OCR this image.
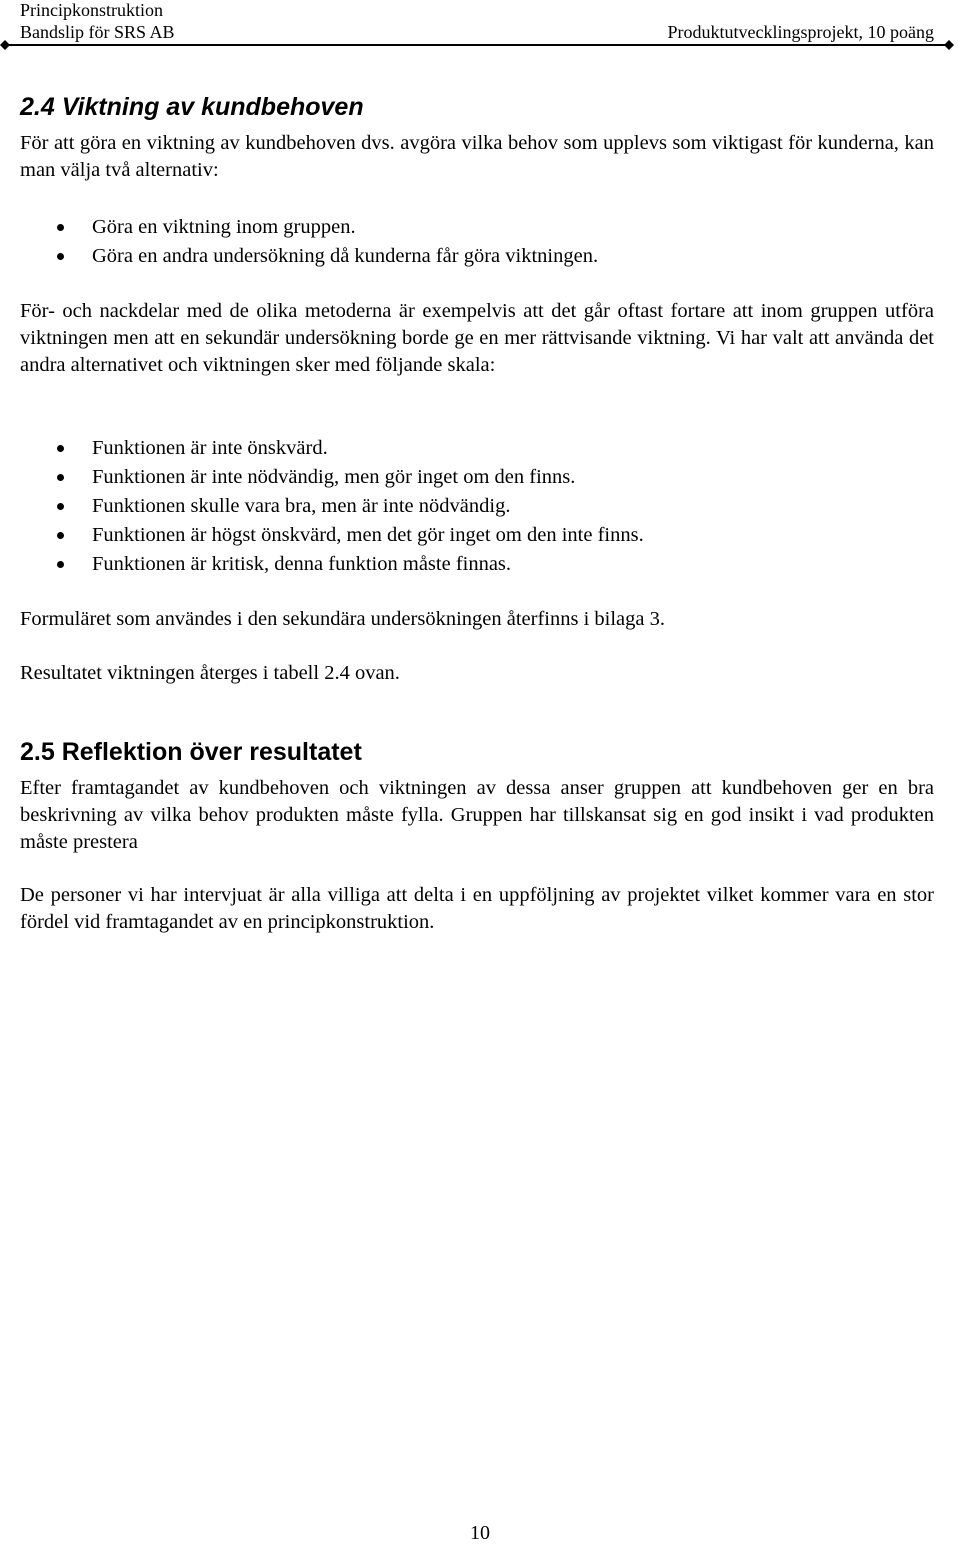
Principkonstruktion
Bandslip för SRS AB	Produktutvecklingsprojekt, 10 poäng
2.4 Viktning av kundbehoven

För att göra en viktning av kundbehoven dvs. avgöra vilka behov som upplevs som viktigast för kunderna, kan man välja två alternativ:

Göra en viktning inom gruppen.
Göra en andra undersökning då kunderna får göra viktningen.

För- och nackdelar med de olika metoderna är exempelvis att det går oftast fortare att inom gruppen utföra viktningen men att en sekundär undersökning borde ge en mer rättvisande viktning. Vi har valt att använda det andra alternativet och viktningen sker med följande skala:

Funktionen är inte önskvärd.
Funktionen är inte nödvändig, men gör inget om den finns.
Funktionen skulle vara bra, men är inte nödvändig.
Funktionen är högst önskvärd, men det gör inget om den inte finns.
Funktionen är kritisk, denna funktion måste finnas.

Formuläret som användes i den sekundära undersökningen återfinns i bilaga 3.

Resultatet viktningen återges i tabell 2.4 ovan.

2.5 Reflektion över resultatet

Efter framtagandet av kundbehoven och viktningen av dessa anser gruppen att kundbehoven ger en bra beskrivning av vilka behov produkten måste fylla. Gruppen har tillskansat sig en god insikt i vad produkten måste prestera

De personer vi har intervjuat är alla villiga att delta i en uppföljning av projektet vilket kommer vara en stor fördel vid framtagandet av en principkonstruktion.

10
